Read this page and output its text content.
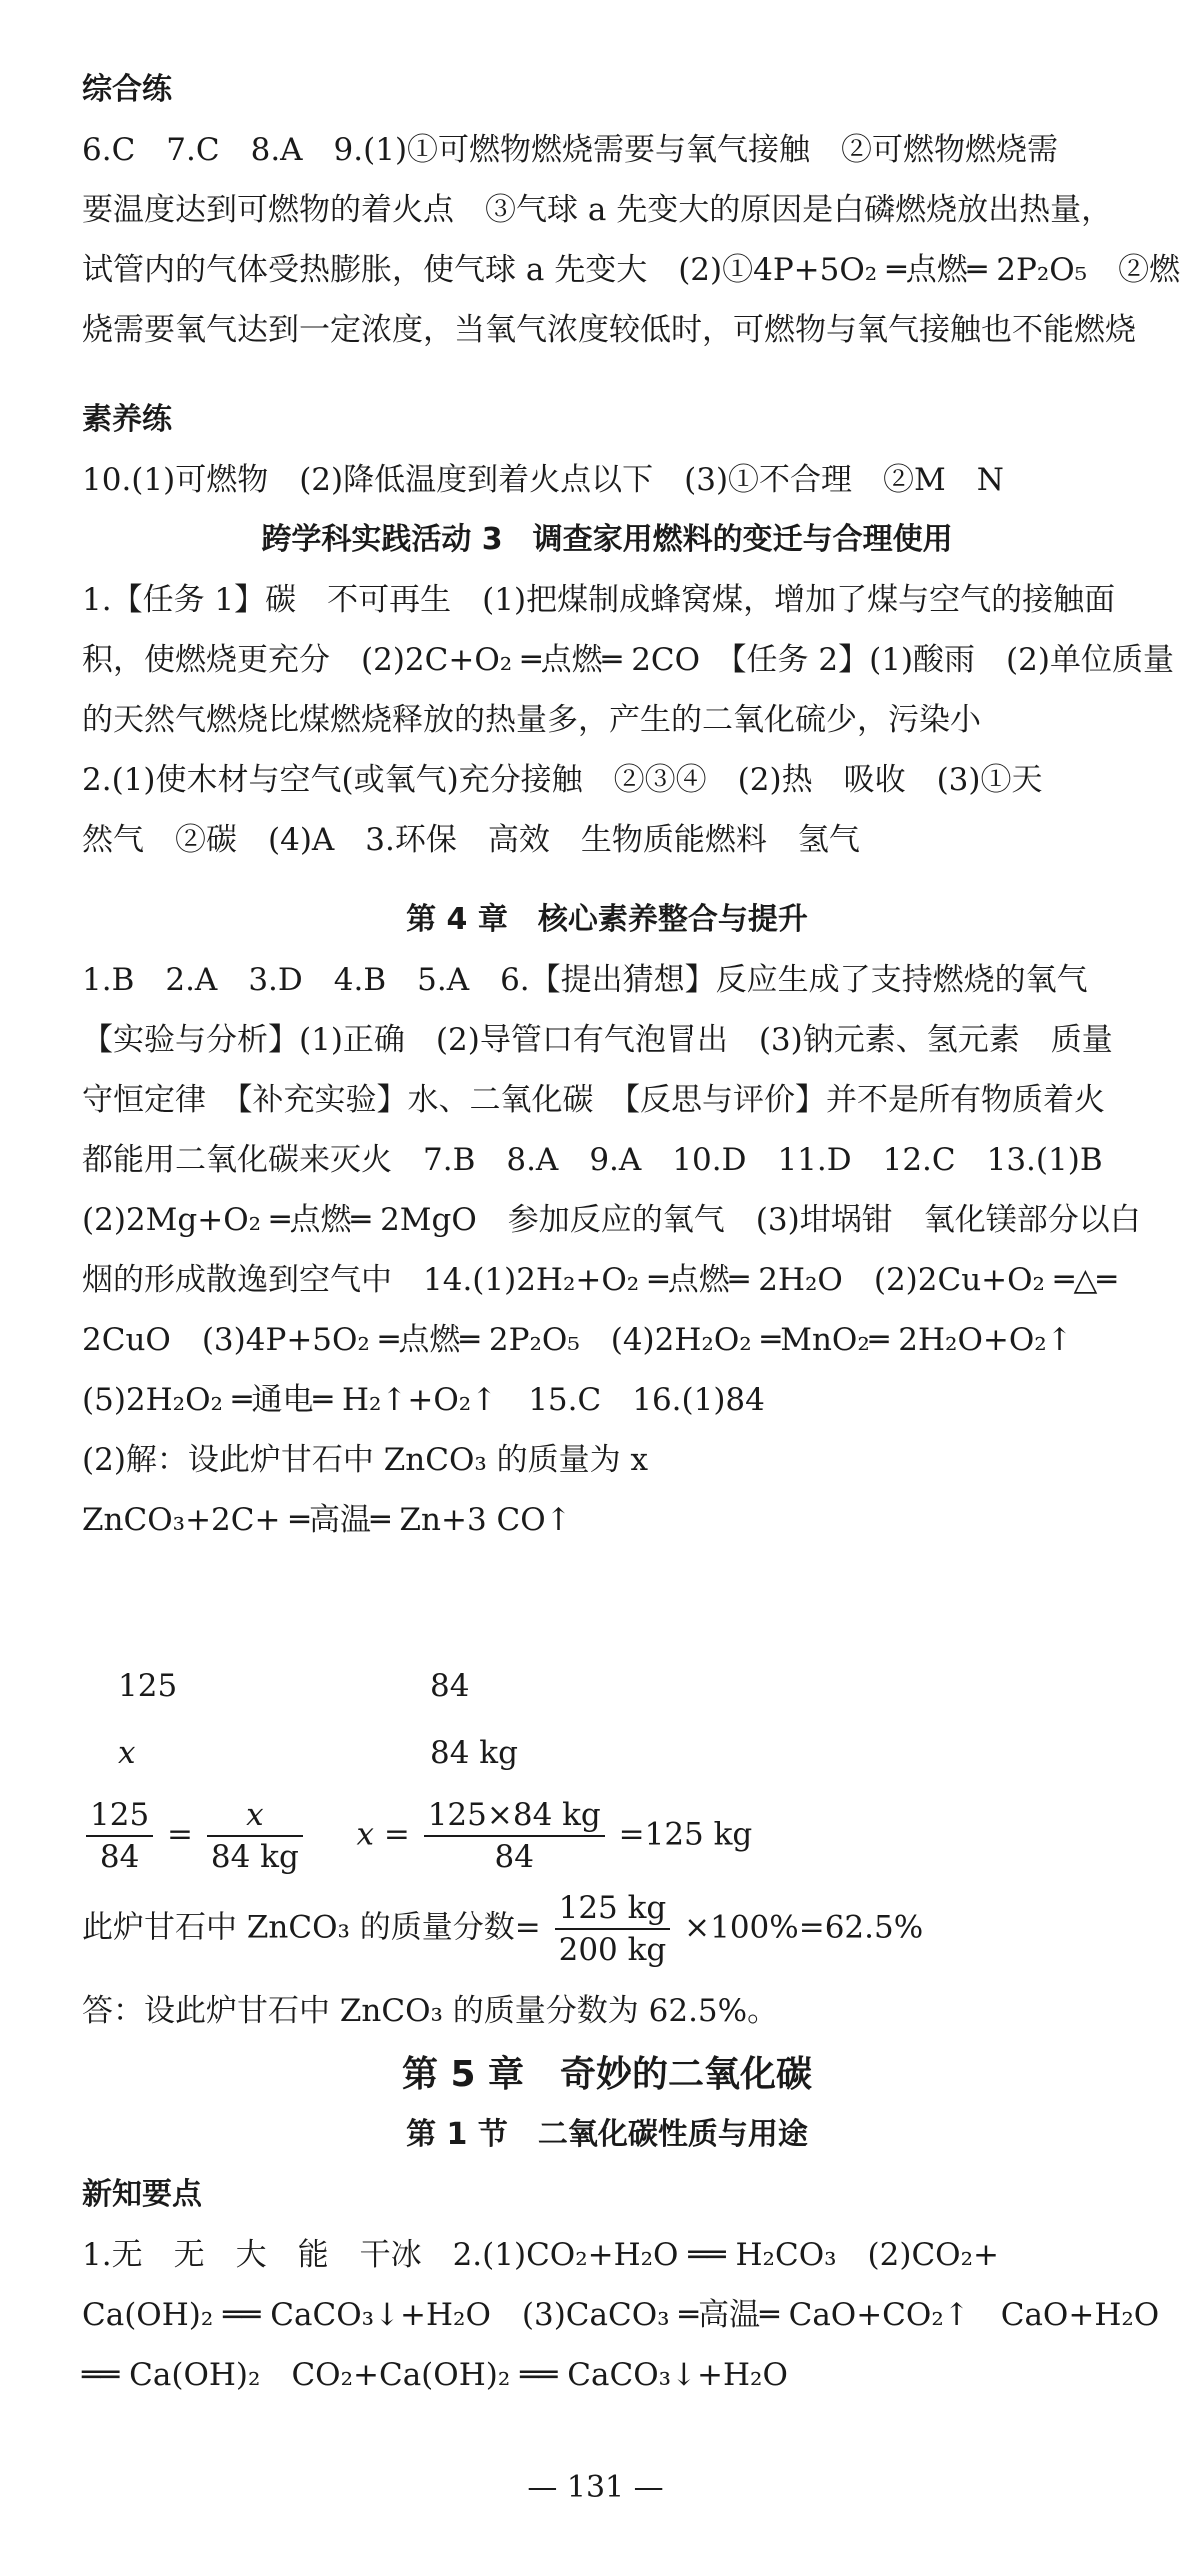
综合练
6.C　7.C　8.A　9.(1)①可燃物燃烧需要与氧气接触　②可燃物燃烧需
要温度达到可燃物的着火点　③气球 a 先变大的原因是白磷燃烧放出热量，
试管内的气体受热膨胀，使气球 a 先变大　(2)①4P+5O₂ ═点燃═ 2P₂O₅　②燃
烧需要氧气达到一定浓度，当氧气浓度较低时，可燃物与氧气接触也不能燃烧
素养练
10.(1)可燃物　(2)降低温度到着火点以下　(3)①不合理　②M　N
跨学科实践活动 3　调查家用燃料的变迁与合理使用
1.【任务 1】碳　不可再生　(1)把煤制成蜂窝煤，增加了煤与空气的接触面
积，使燃烧更充分　(2)2C+O₂ ═点燃═ 2CO　【任务 2】(1)酸雨　(2)单位质量
的天然气燃烧比煤燃烧释放的热量多，产生的二氧化硫少，污染小
2.(1)使木材与空气(或氧气)充分接触　②③④　(2)热　吸收　(3)①天
然气　②碳　(4)A　3.环保　高效　生物质能燃料　氢气
第 4 章　核心素养整合与提升
1.B　2.A　3.D　4.B　5.A　6.【提出猜想】反应生成了支持燃烧的氧气
【实验与分析】(1)正确　(2)导管口有气泡冒出　(3)钠元素、氢元素　质量
守恒定律　【补充实验】水、二氧化碳　【反思与评价】并不是所有物质着火
都能用二氧化碳来灭火　7.B　8.A　9.A　10.D　11.D　12.C　13.(1)B
(2)2Mg+O₂ ═点燃═ 2MgO　参加反应的氧气　(3)坩埚钳　氧化镁部分以白
烟的形成散逸到空气中　14.(1)2H₂+O₂ ═点燃═ 2H₂O　(2)2Cu+O₂ ═△═
2CuO　(3)4P+5O₂ ═点燃═ 2P₂O₅　(4)2H₂O₂ ═MnO₂═ 2H₂O+O₂↑
(5)2H₂O₂ ═通电═ H₂↑+O₂↑　15.C　16.(1)84
(2)解：设此炉甘石中 ZnCO₃ 的质量为 x
ZnCO₃+2C+ ═高温═ Zn+3 CO↑
125	84
x	84 kg
$\frac{125}{84} = \frac{x}{84 kg}$ $x = \frac{125\times 84 kg}{84} =125$ kg
此炉甘石中 ZnCO₃ 的质量分数= $\frac{125 kg}{200 kg} \times 100\%=62.5\%$
答：设此炉甘石中 ZnCO₃ 的质量分数为 62.5%。
第 5 章　奇妙的二氧化碳
第 1 节　二氧化碳性质与用途
新知要点
1.无　无　大　能　干冰　2.(1)CO₂+H₂O ══ H₂CO₃　(2)CO₂+
Ca(OH)₂ ══ CaCO₃↓+H₂O　(3)CaCO₃ ═高温═ CaO+CO₂↑　CaO+H₂O
══ Ca(OH)₂　CO₂+Ca(OH)₂ ══ CaCO₃↓+H₂O
— 131 —
